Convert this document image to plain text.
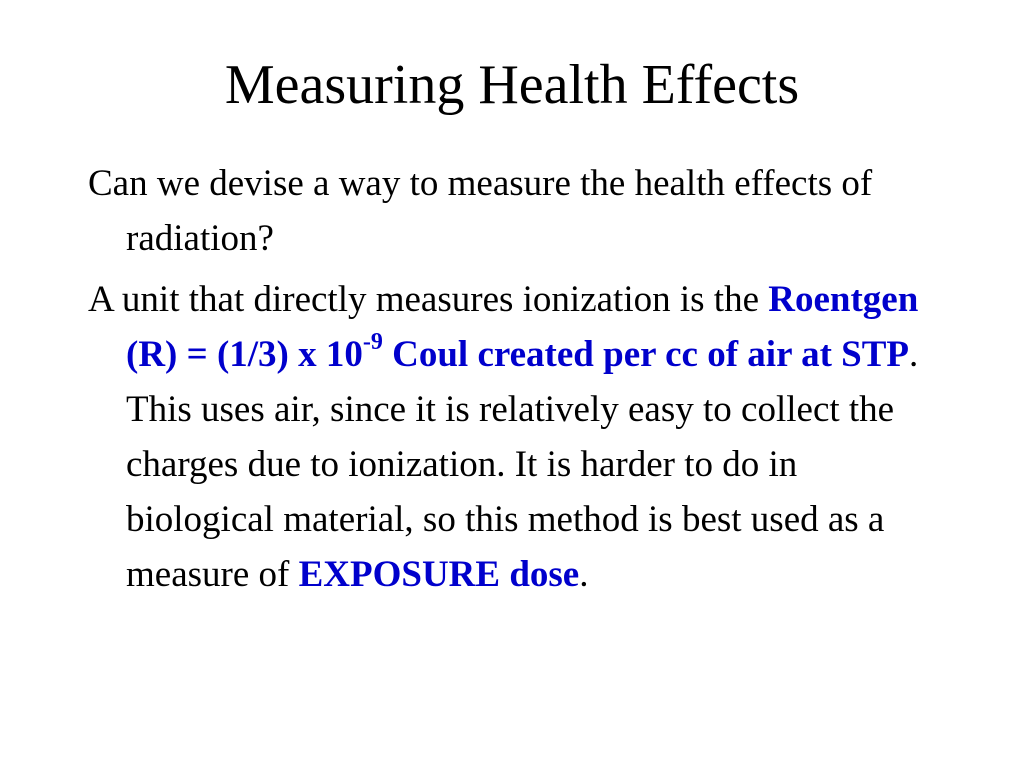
Measuring Health Effects

Can we devise a way to measure the health effects of radiation?

A unit that directly measures ionization is the Roentgen (R) = (1/3) x $10^{-9}$ Coul created per cc of air at STP. This uses air, since it is relatively easy to collect the charges due to ionization. It is harder to do in biological material, so this method is best used as a measure of EXPOSURE dose.
